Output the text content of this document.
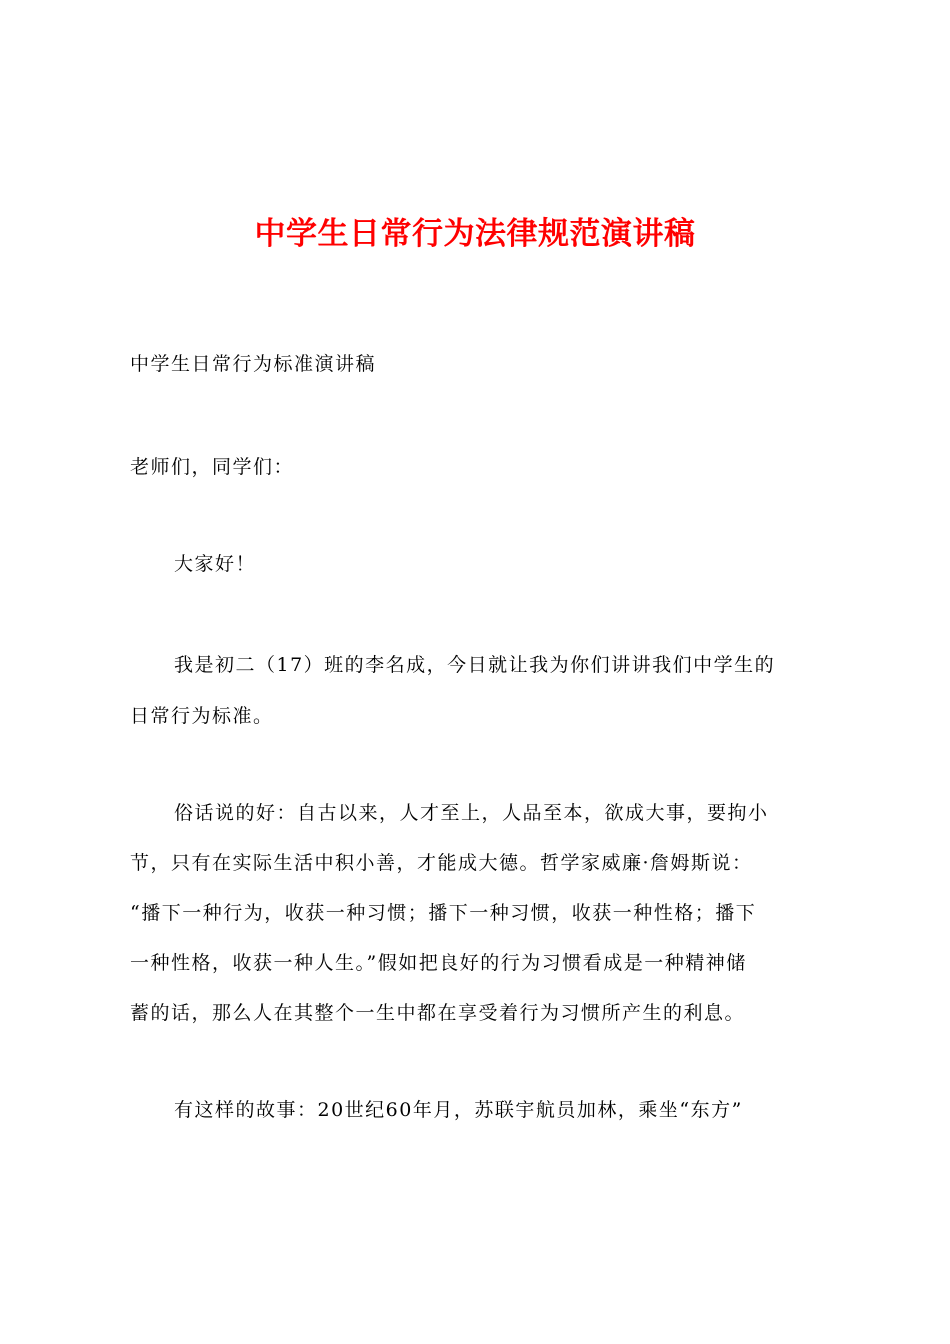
中学生日常行为法律规范演讲稿
中学生日常行为标准演讲稿
老师们，同学们：
大家好！
我是初二（17）班的李名成，今日就让我为你们讲讲我们中学生的
日常行为标准。
俗话说的好：自古以来，人才至上，人品至本，欲成大事，要拘小
节，只有在实际生活中积小善，才能成大德。哲学家威廉·詹姆斯说：
“播下一种行为，收获一种习惯；播下一种习惯，收获一种性格；播下
一种性格，收获一种人生。”假如把良好的行为习惯看成是一种精神储
蓄的话，那么人在其整个一生中都在享受着行为习惯所产生的利息。
有这样的故事：20世纪60年月，苏联宇航员加林，乘坐“东方”
